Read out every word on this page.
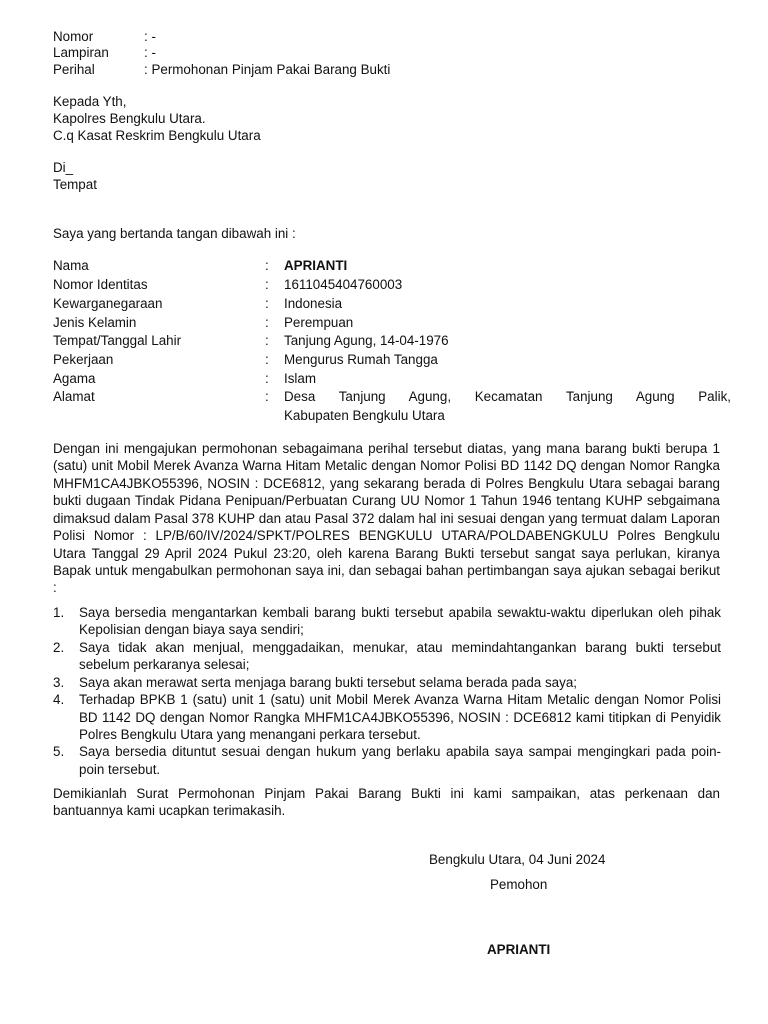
Nomor	: -
Lampiran	: -
Perihal	: Permohonan Pinjam Pakai Barang Bukti
Kepada Yth,
Kapolres Bengkulu Utara.
C.q Kasat Reskrim Bengkulu Utara
Di_
Tempat
Saya yang bertanda tangan dibawah ini :
Nama	: APRIANTI
Nomor Identitas	: 1611045404760003
Kewarganegaraan	: Indonesia
Jenis Kelamin	: Perempuan
Tempat/Tanggal Lahir	: Tanjung Agung, 14-04-1976
Pekerjaan	: Mengurus Rumah Tangga
Agama	: Islam
Alamat	: Desa Tanjung Agung, Kecamatan Tanjung Agung Palik,
Kabupaten Bengkulu Utara
Dengan ini mengajukan permohonan sebagaimana perihal tersebut diatas, yang mana barang bukti berupa 1 (satu) unit Mobil Merek Avanza Warna Hitam Metalic dengan Nomor Polisi BD 1142 DQ dengan Nomor Rangka MHFM1CA4JBKO55396, NOSIN : DCE6812, yang sekarang berada di Polres Bengkulu Utara sebagai barang bukti dugaan Tindak Pidana Penipuan/Perbuatan Curang UU Nomor 1 Tahun 1946 tentang KUHP sebgaimana dimaksud dalam Pasal 378 KUHP dan atau Pasal 372 dalam hal ini sesuai dengan yang termuat dalam Laporan Polisi Nomor : LP/B/60/IV/2024/SPKT/POLRES BENGKULU UTARA/POLDABENGKULU Polres Bengkulu Utara Tanggal 29 April 2024 Pukul 23:20, oleh karena Barang Bukti tersebut sangat saya perlukan, kiranya Bapak untuk mengabulkan permohonan saya ini, dan sebagai bahan pertimbangan saya ajukan sebagai berikut :
1. Saya bersedia mengantarkan kembali barang bukti tersebut apabila sewaktu-waktu diperlukan oleh pihak Kepolisian dengan biaya saya sendiri;
2. Saya tidak akan menjual, menggadaikan, menukar, atau memindahtangankan barang bukti tersebut sebelum perkaranya selesai;
3. Saya akan merawat serta menjaga barang bukti tersebut selama berada pada saya;
4. Terhadap BPKB 1 (satu) unit 1 (satu) unit Mobil Merek Avanza Warna Hitam Metalic dengan Nomor Polisi BD 1142 DQ dengan Nomor Rangka MHFM1CA4JBKO55396, NOSIN : DCE6812 kami titipkan di Penyidik Polres Bengkulu Utara yang menangani perkara tersebut.
5. Saya bersedia dituntut sesuai dengan hukum yang berlaku apabila saya sampai mengingkari pada poin-poin tersebut.
Demikianlah Surat Permohonan Pinjam Pakai Barang Bukti ini kami sampaikan, atas perkenaan dan bantuannya kami ucapkan terimakasih.
Bengkulu Utara, 04 Juni 2024
Pemohon
APRIANTI
